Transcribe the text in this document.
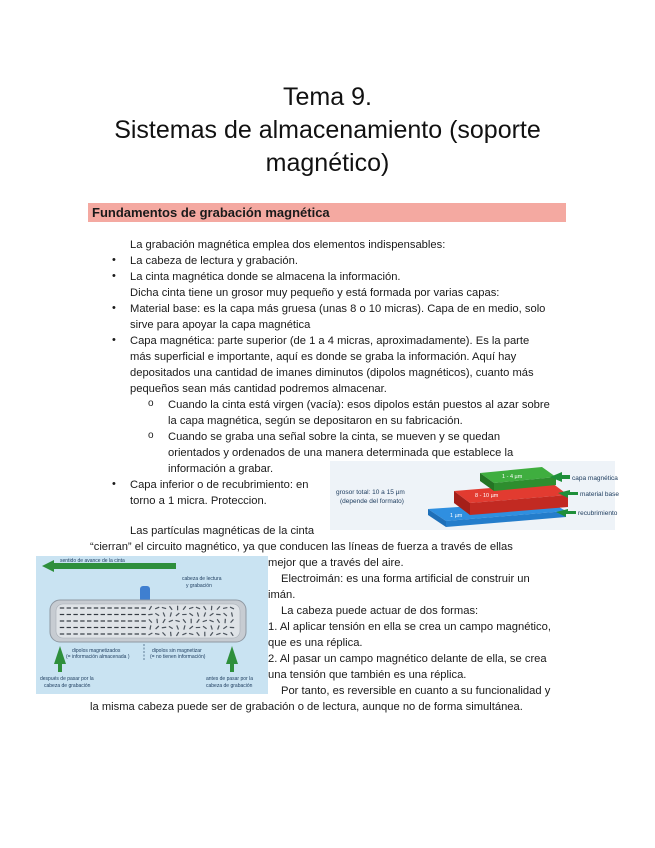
Tema 9.
Sistemas de almacenamiento (soporte
magnético)
Fundamentos de grabación magnética
La grabación magnética emplea dos elementos indispensables:
• La cabeza de lectura y grabación.
• La cinta magnética donde se almacena la información.
Dicha cinta tiene un grosor muy pequeño y está formada por varias capas:
• Material base: es la capa más gruesa (unas 8 o 10 micras). Capa de en medio, solo
sirve para apoyar la capa magnética
• Capa magnética: parte superior (de 1 a 4 micras, aproximadamente). Es la parte
más superficial e importante, aquí es donde se graba la información. Aquí hay
depositados una cantidad de imanes diminutos (dipolos magnéticos), cuanto más
pequeños sean más cantidad podremos almacenar.
o Cuando la cinta está virgen (vacía): esos dipolos están puestos al azar sobre
la capa magnética, según se depositaron en su fabricación.
o Cuando se graba una señal sobre la cinta, se mueven y se quedan
orientados y ordenados de una manera determinada que establece la
información a grabar.
• Capa inferior o de recubrimiento: en
torno a 1 micra. Proteccion.
Las partículas magnéticas de la cinta
“cierran” el circuito magnético, ya que conducen las líneas de fuerza a través de ellas
mejor que a través del aire.
Electroimán: es una forma artificial de construir un
imán.
La cabeza puede actuar de dos formas:
1. Al aplicar tensión en ella se crea un campo magnético,
que es una réplica.
2. Al pasar un campo magnético delante de ella, se crea
una tensión que también es una réplica.
Por tanto, es reversible en cuanto a su funcionalidad y
la misma cabeza puede ser de grabación o de lectura, aunque no de forma simultánea.
1 - 4 µm
8 - 10 µm
1 µm
grosor total: 10 a 15 µm
(depende del formato)
capa magnética
material base
recubrimiento
sentido de avance de la cinta
cabeza de lectura
y grabación
dipolos magnetizados
(= información almacenada )
dipolos sin magnetizar
(= no tienen información)
después de pasar por la
cabeza de grabación
antes de pasar por la
cabeza de grabación
